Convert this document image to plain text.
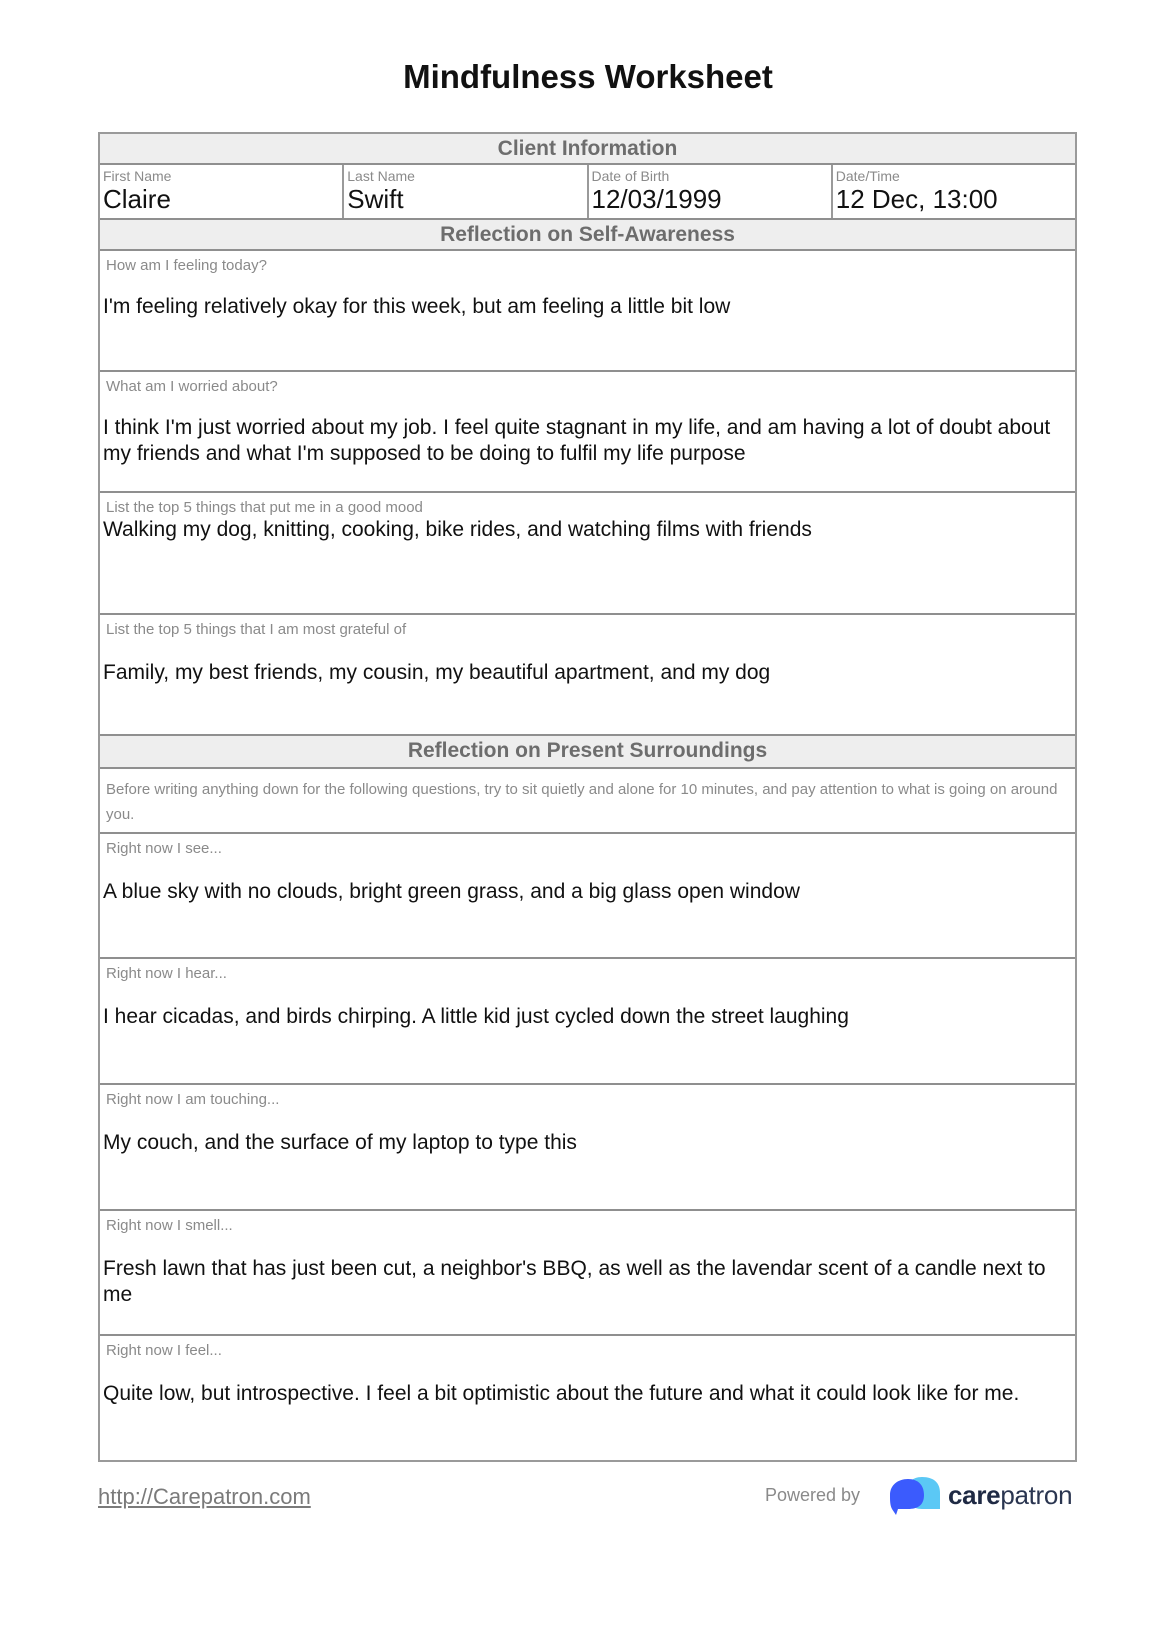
Mindfulness Worksheet
Client Information
First Name
Claire
Last Name
Swift
Date of Birth
12/03/1999
Date/Time
12 Dec, 13:00
Reflection on Self-Awareness
How am I feeling today?
I'm feeling relatively okay for this week, but am feeling a little bit low
What am I worried about?
I think I'm just worried about my job. I feel quite stagnant in my life, and am having a lot of doubt about my friends and what I'm supposed to be doing to fulfil my life purpose
List the top 5 things that put me in a good mood
Walking my dog, knitting, cooking, bike rides, and watching films with friends
List the top 5 things that I am most grateful of
Family, my best friends, my cousin, my beautiful apartment, and my dog
Reflection on Present Surroundings
Before writing anything down for the following questions, try to sit quietly and alone for 10 minutes, and pay attention to what is going on around you.
Right now I see...
A blue sky with no clouds, bright green grass, and a big glass open window
Right now I hear...
I hear cicadas, and birds chirping. A little kid just cycled down the street laughing
Right now I am touching...
My couch, and the surface of my laptop to type this
Right now I smell...
Fresh lawn that has just been cut, a neighbor's BBQ, as well as the lavendar scent of a candle next to me
Right now I feel...
Quite low, but introspective. I feel a bit optimistic about the future and what it could look like for me.
http://Carepatron.com	Powered by	carepatron
